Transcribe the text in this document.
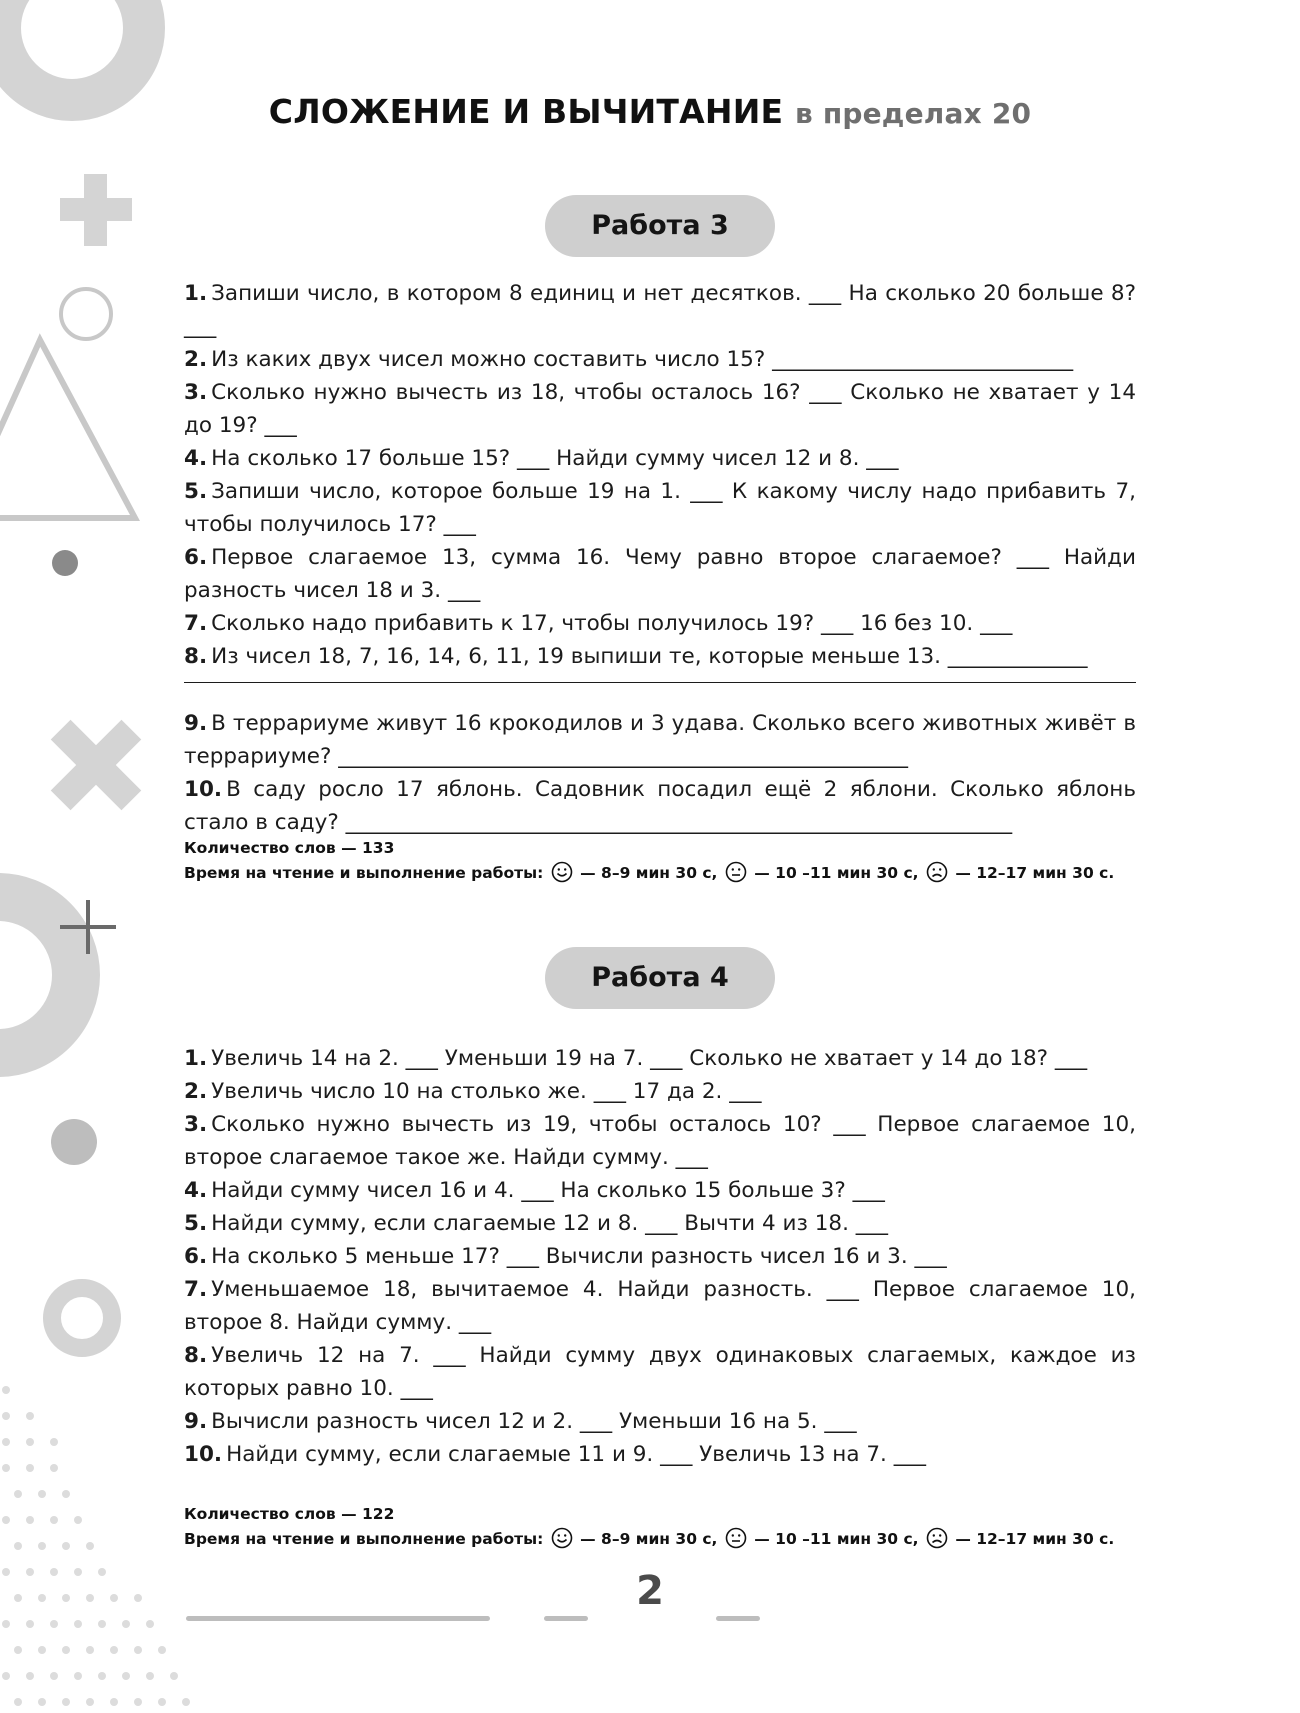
СЛОЖЕНИЕ И ВЫЧИТАНИЕ в пределах 20
Работа 3

1. Запиши число, в котором 8 единиц и нет десятков. ___ На сколько 20 больше 8? ___

2. Из каких двух чисел можно составить число 15? ____________________________

3. Сколько нужно вычесть из 18, чтобы осталось 16? ___ Сколько не хватает у 14 до 19? ___

4. На сколько 17 больше 15? ___ Найди сумму чисел 12 и 8. ___

5. Запиши число, которое больше 19 на 1. ___ К какому числу надо прибавить 7, чтобы получилось 17? ___

6. Первое слагаемое 13, сумма 16. Чему равно второе слагаемое? ___ Найди разность чисел 18 и 3. ___

7. Сколько надо прибавить к 17, чтобы получилось 19? ___ 16 без 10. ___

8. Из чисел 18, 7, 16, 14, 6, 11, 19 выпиши те, которые меньше 13. _____________

9. В террариуме живут 16 крокодилов и 3 удава. Сколько всего животных живёт в террариуме? _____________________________________________________

10. В саду росло 17 яблонь. Садовник посадил ещё 2 яблони. Сколько яблонь стало в саду? ______________________________________________________________

Количество слов — 133
Время на чтение и выполнение работы: — 8–9 мин 30 с, — 10 –11 мин 30 с, — 12–17 мин 30 с.
Работа 4

1. Увеличь 14 на 2. ___ Уменьши 19 на 7. ___ Сколько не хватает у 14 до 18? ___

2. Увеличь число 10 на столько же. ___ 17 да 2. ___

3. Сколько нужно вычесть из 19, чтобы осталось 10? ___ Первое слагаемое 10, второе слагаемое такое же. Найди сумму. ___

4. Найди сумму чисел 16 и 4. ___ На сколько 15 больше 3? ___

5. Найди сумму, если слагаемые 12 и 8. ___ Вычти 4 из 18. ___

6. На сколько 5 меньше 17? ___ Вычисли разность чисел 16 и 3. ___

7. Уменьшаемое 18, вычитаемое 4. Найди разность. ___ Первое слагаемое 10, второе 8. Найди сумму. ___

8. Увеличь 12 на 7. ___ Найди сумму двух одинаковых слагаемых, каждое из которых равно 10. ___

9. Вычисли разность чисел 12 и 2. ___ Уменьши 16 на 5. ___

10. Найди сумму, если слагаемые 11 и 9. ___ Увеличь 13 на 7. ___

Количество слов — 122
Время на чтение и выполнение работы: — 8–9 мин 30 с, — 10 –11 мин 30 с, — 12–17 мин 30 с.
2
